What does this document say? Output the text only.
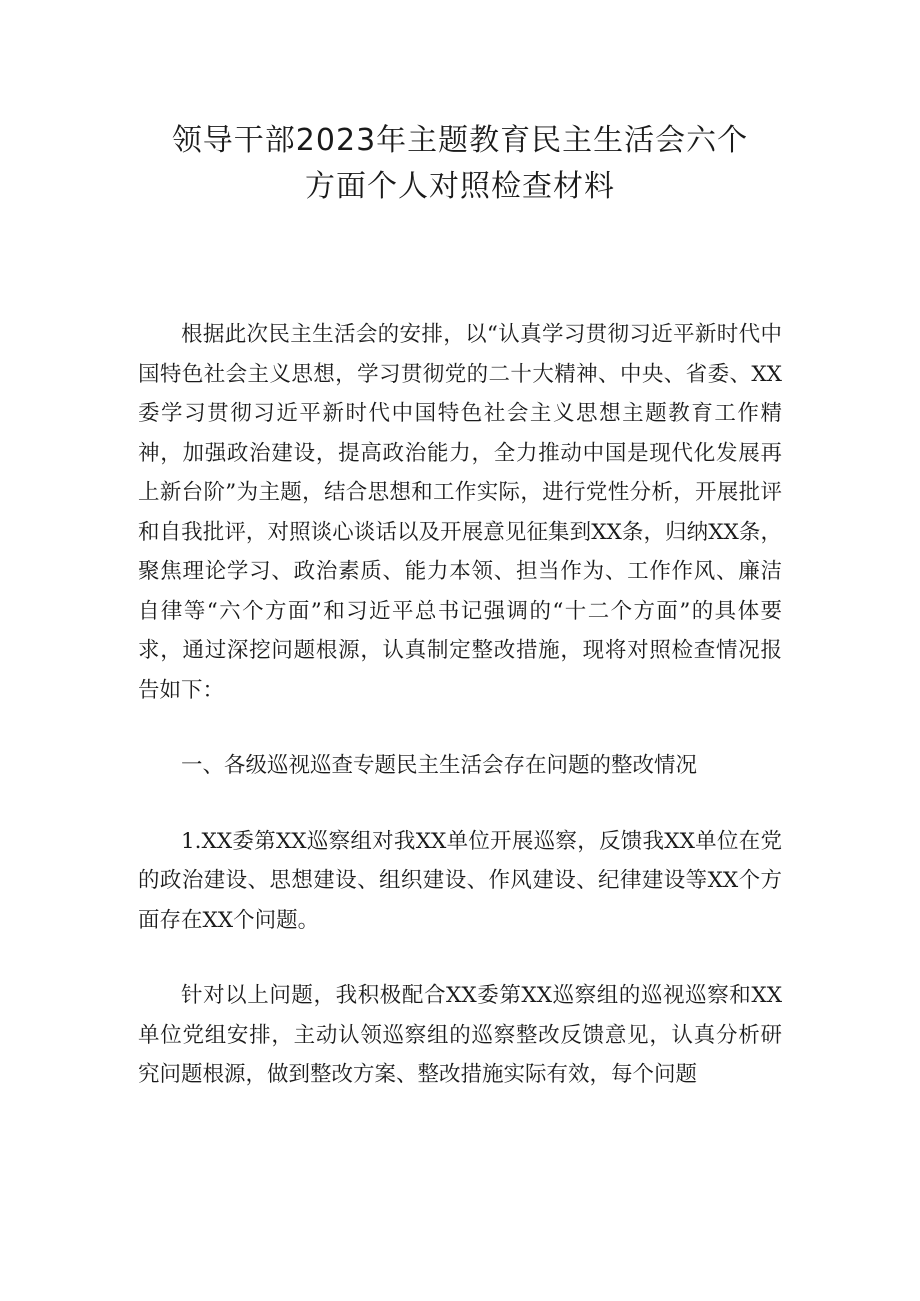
领导干部2023年主题教育民主生活会六个
方面个人对照检查材料

根据此次民主生活会的安排，以“认真学习贯彻习近平新时代中国特色社会主义思想，学习贯彻党的二十大精神、中央、省委、XX委学习贯彻习近平新时代中国特色社会主义思想主题教育工作精神，加强政治建设，提高政治能力，全力推动中国是现代化发展再上新台阶”为主题，结合思想和工作实际，进行党性分析，开展批评和自我批评，对照谈心谈话以及开展意见征集到XX条，归纳XX条，聚焦理论学习、政治素质、能力本领、担当作为、工作作风、廉洁自律等“六个方面”和习近平总书记强调的“十二个方面”的具体要求，通过深挖问题根源，认真制定整改措施，现将对照检查情况报告如下：

一、各级巡视巡查专题民主生活会存在问题的整改情况

1.XX委第XX巡察组对我XX单位开展巡察，反馈我XX单位在党的政治建设、思想建设、组织建设、作风建设、纪律建设等XX个方面存在XX个问题。

针对以上问题，我积极配合XX委第XX巡察组的巡视巡察和XX单位党组安排，主动认领巡察组的巡察整改反馈意见，认真分析研究问题根源，做到整改方案、整改措施实际有效，每个问题
